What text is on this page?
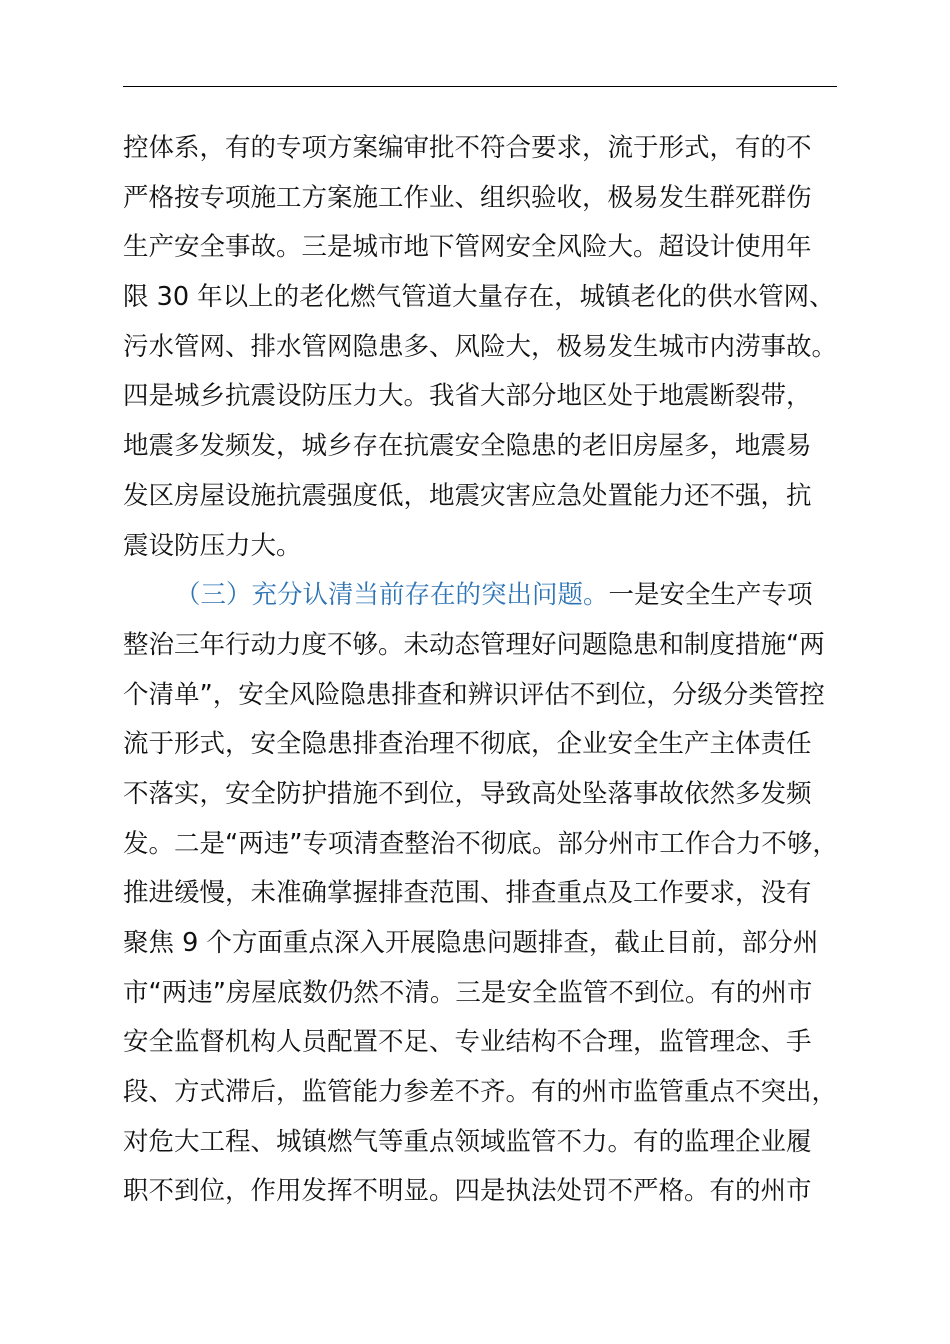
控体系，有的专项方案编审批不符合要求，流于形式，有的不
严格按专项施工方案施工作业、组织验收，极易发生群死群伤
生产安全事故。三是城市地下管网安全风险大。超设计使用年
限 30 年以上的老化燃气管道大量存在，城镇老化的供水管网、
污水管网、排水管网隐患多、风险大，极易发生城市内涝事故。
四是城乡抗震设防压力大。我省大部分地区处于地震断裂带，
地震多发频发，城乡存在抗震安全隐患的老旧房屋多，地震易
发区房屋设施抗震强度低，地震灾害应急处置能力还不强，抗
震设防压力大。
（三）充分认清当前存在的突出问题。一是安全生产专项
整治三年行动力度不够。未动态管理好问题隐患和制度措施“两
个清单”，安全风险隐患排查和辨识评估不到位，分级分类管控
流于形式，安全隐患排查治理不彻底，企业安全生产主体责任
不落实，安全防护措施不到位，导致高处坠落事故依然多发频
发。二是“两违”专项清查整治不彻底。部分州市工作合力不够，
推进缓慢，未准确掌握排查范围、排查重点及工作要求，没有
聚焦 9 个方面重点深入开展隐患问题排查，截止目前，部分州
市“两违”房屋底数仍然不清。三是安全监管不到位。有的州市
安全监督机构人员配置不足、专业结构不合理，监管理念、手
段、方式滞后，监管能力参差不齐。有的州市监管重点不突出，
对危大工程、城镇燃气等重点领域监管不力。有的监理企业履
职不到位，作用发挥不明显。四是执法处罚不严格。有的州市
